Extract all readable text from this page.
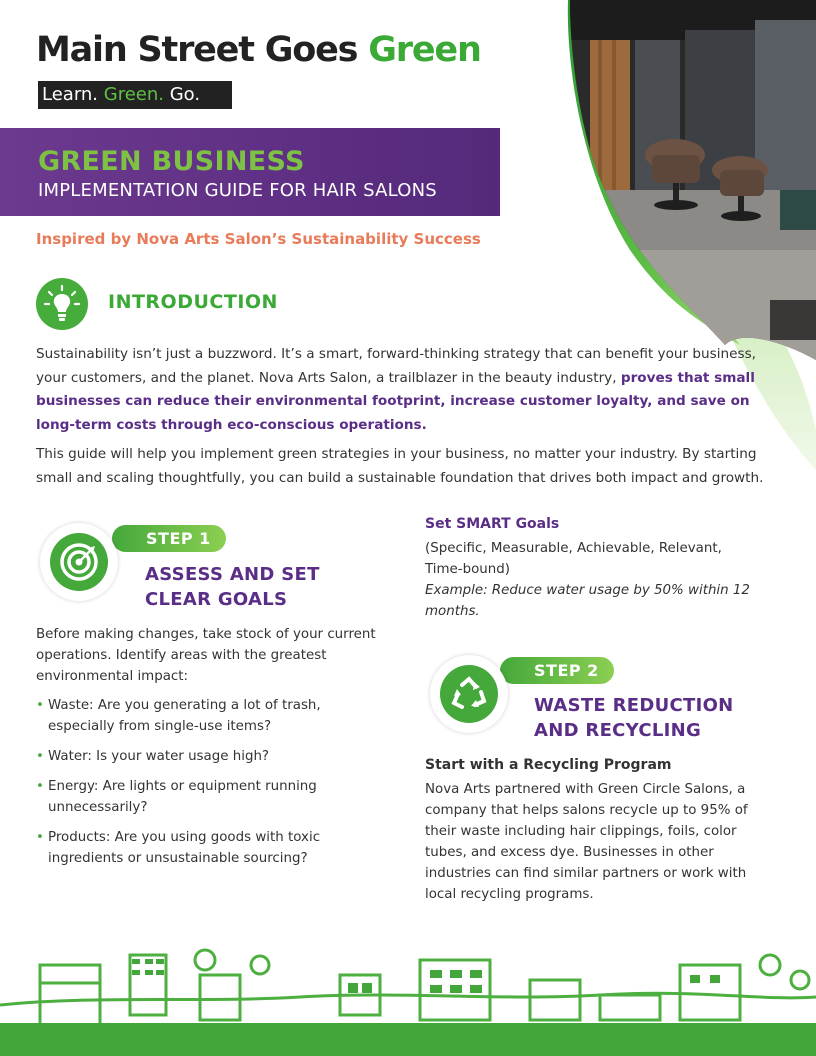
Main Street Goes Green
Learn. Green. Go.
GREEN BUSINESS
IMPLEMENTATION GUIDE FOR HAIR SALONS
Inspired by Nova Arts Salon’s Sustainability Success
INTRODUCTION
Sustainability isn’t just a buzzword. It’s a smart, forward-thinking strategy that can benefit your business, your customers, and the planet. Nova Arts Salon, a trailblazer in the beauty industry, proves that small businesses can reduce their environmental footprint, increase customer loyalty, and save on long-term costs through eco-conscious operations.
This guide will help you implement green strategies in your business, no matter your industry. By starting small and scaling thoughtfully, you can build a sustainable foundation that drives both impact and growth.
STEP 1
ASSESS AND SET
CLEAR GOALS
Before making changes, take stock of your current operations. Identify areas with the greatest environmental impact:
• Waste: Are you generating a lot of trash, especially from single-use items?
• Water: Is your water usage high?
• Energy: Are lights or equipment running unnecessarily?
• Products: Are you using goods with toxic ingredients or unsustainable sourcing?
Set SMART Goals
(Specific, Measurable, Achievable, Relevant, Time-bound)
Example: Reduce water usage by 50% within 12 months.
STEP 2
WASTE REDUCTION
AND RECYCLING
Start with a Recycling Program
Nova Arts partnered with Green Circle Salons, a company that helps salons recycle up to 95% of their waste including hair clippings, foils, color tubes, and excess dye. Businesses in other industries can find similar partners or work with local recycling programs.
